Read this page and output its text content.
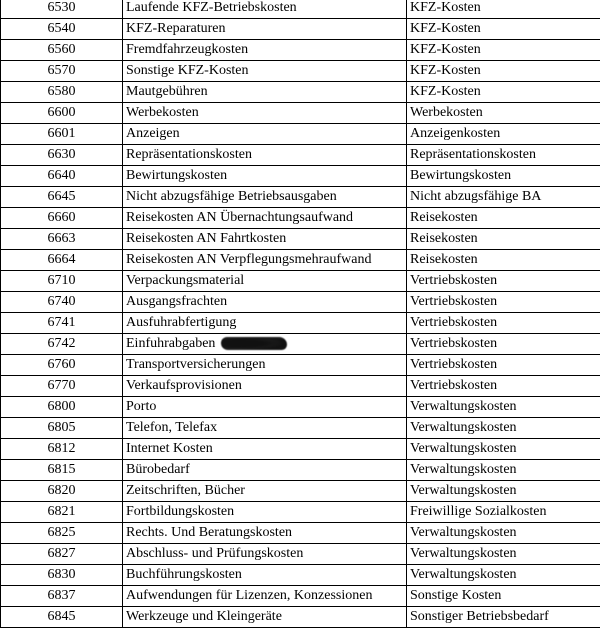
6530	Laufende KFZ-Betriebskosten	KFZ-Kosten
6540	KFZ-Reparaturen	KFZ-Kosten
6560	Fremdfahrzeugkosten	KFZ-Kosten
6570	Sonstige KFZ-Kosten	KFZ-Kosten
6580	Mautgebühren	KFZ-Kosten
6600	Werbekosten	Werbekosten
6601	Anzeigen	Anzeigenkosten
6630	Repräsentationskosten	Repräsentationskosten
6640	Bewirtungskosten	Bewirtungskosten
6645	Nicht abzugsfähige Betriebsausgaben	Nicht abzugsfähige BA
6660	Reisekosten AN Übernachtungsaufwand	Reisekosten
6663	Reisekosten AN Fahrtkosten	Reisekosten
6664	Reisekosten AN Verpflegungsmehraufwand	Reisekosten
6710	Verpackungsmaterial	Vertriebskosten
6740	Ausgangsfrachten	Vertriebskosten
6741	Ausfuhrabfertigung	Vertriebskosten
6742	Einfuhrabgaben	Vertriebskosten
6760	Transportversicherungen	Vertriebskosten
6770	Verkaufsprovisionen	Vertriebskosten
6800	Porto	Verwaltungskosten
6805	Telefon, Telefax	Verwaltungskosten
6812	Internet Kosten	Verwaltungskosten
6815	Bürobedarf	Verwaltungskosten
6820	Zeitschriften, Bücher	Verwaltungskosten
6821	Fortbildungskosten	Freiwillige Sozialkosten
6825	Rechts. Und Beratungskosten	Verwaltungskosten
6827	Abschluss- und Prüfungskosten	Verwaltungskosten
6830	Buchführungskosten	Verwaltungskosten
6837	Aufwendungen für Lizenzen, Konzessionen	Sonstige Kosten
6845	Werkzeuge und Kleingeräte	Sonstiger Betriebsbedarf
